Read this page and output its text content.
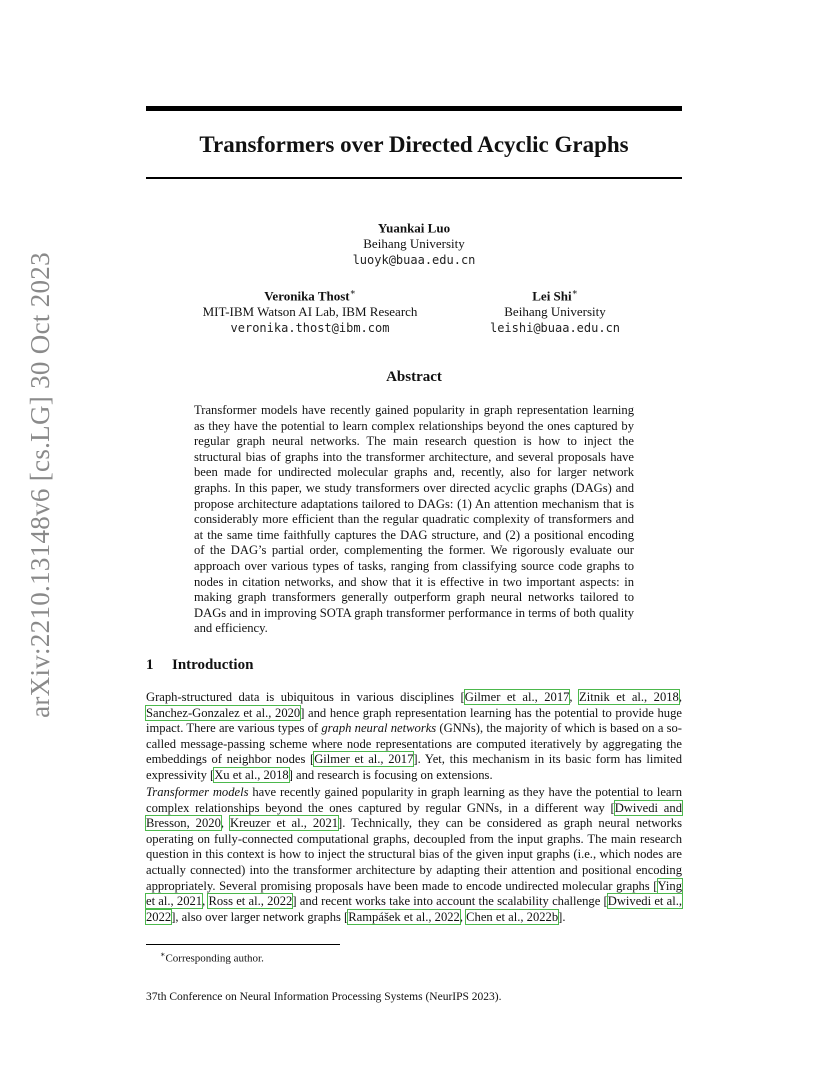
arXiv:2210.13148v6 [cs.LG] 30 Oct 2023
Transformers over Directed Acyclic Graphs
Yuankai Luo
Beihang University
luoyk@buaa.edu.cn
Veronika Thost∗
MIT-IBM Watson AI Lab, IBM Research
veronika.thost@ibm.com
Lei Shi∗
Beihang University
leishi@buaa.edu.cn
Abstract

Transformer models have recently gained popularity in graph representation learning as they have the potential to learn complex relationships beyond the ones captured by regular graph neural networks. The main research question is how to inject the structural bias of graphs into the transformer architecture, and several proposals have been made for undirected molecular graphs and, recently, also for larger network graphs. In this paper, we study transformers over directed acyclic graphs (DAGs) and propose architecture adaptations tailored to DAGs: (1) An attention mechanism that is considerably more efficient than the regular quadratic complexity of transformers and at the same time faithfully captures the DAG structure, and (2) a positional encoding of the DAG’s partial order, complementing the former. We rigorously evaluate our approach over various types of tasks, ranging from classifying source code graphs to nodes in citation networks, and show that it is effective in two important aspects: in making graph transformers generally outperform graph neural networks tailored to DAGs and in improving SOTA graph transformer performance in terms of both quality and efficiency.

1 Introduction

Graph-structured data is ubiquitous in various disciplines [Gilmer et al., 2017, Zitnik et al., 2018, Sanchez-Gonzalez et al., 2020] and hence graph representation learning has the potential to provide huge impact. There are various types of graph neural networks (GNNs), the majority of which is based on a so-called message-passing scheme where node representations are computed iteratively by aggregating the embeddings of neighbor nodes [Gilmer et al., 2017]. Yet, this mechanism in its basic form has limited expressivity [Xu et al., 2018] and research is focusing on extensions.

Transformer models have recently gained popularity in graph learning as they have the potential to learn complex relationships beyond the ones captured by regular GNNs, in a different way [Dwivedi and Bresson, 2020, Kreuzer et al., 2021]. Technically, they can be considered as graph neural networks operating on fully-connected computational graphs, decoupled from the input graphs. The main research question in this context is how to inject the structural bias of the given input graphs (i.e., which nodes are actually connected) into the transformer architecture by adapting their attention and positional encoding appropriately. Several promising proposals have been made to encode undirected molecular graphs [Ying et al., 2021, Ross et al., 2022] and recent works take into account the scalability challenge [Dwivedi et al., 2022], also over larger network graphs [Rampášek et al., 2022, Chen et al., 2022b].

∗Corresponding author.
37th Conference on Neural Information Processing Systems (NeurIPS 2023).
